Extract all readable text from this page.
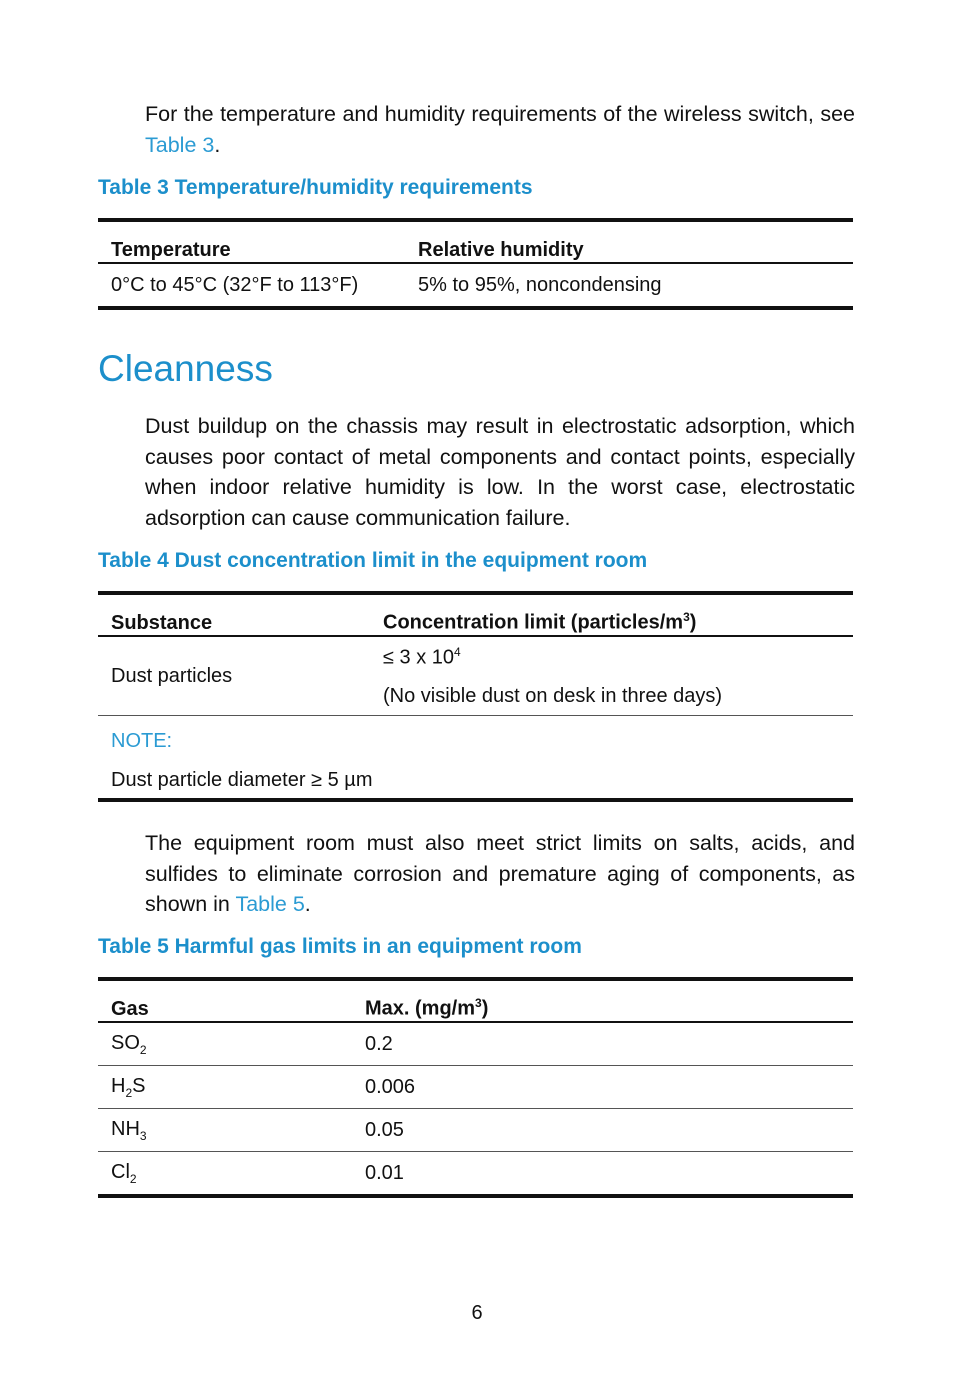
For the temperature and humidity requirements of the wireless switch, see Table 3.

Table 3 Temperature/humidity requirements

Temperature	Relative humidity
0°C to 45°C (32°F to 113°F)	5% to 95%, noncondensing
Cleanness

Dust buildup on the chassis may result in electrostatic adsorption, which causes poor contact of metal components and contact points, especially when indoor relative humidity is low. In the worst case, electrostatic adsorption can cause communication failure.

Table 4 Dust concentration limit in the equipment room

Substance	Concentration limit $(particles/m^3)$
Dust particles	≤ 3 x $10^4$
	(No visible dust on desk in three days)
NOTE:	
Dust particle diameter ≥ 5 µm	

The equipment room must also meet strict limits on salts, acids, and sulfides to eliminate corrosion and premature aging of components, as shown in Table 5.

Table 5 Harmful gas limits in an equipment room

Gas	Max. $(mg/m^3)$
$SO_2$	0.2
$H_2S$	0.006
$NH_3$	0.05
$Cl_2$	0.01
6
